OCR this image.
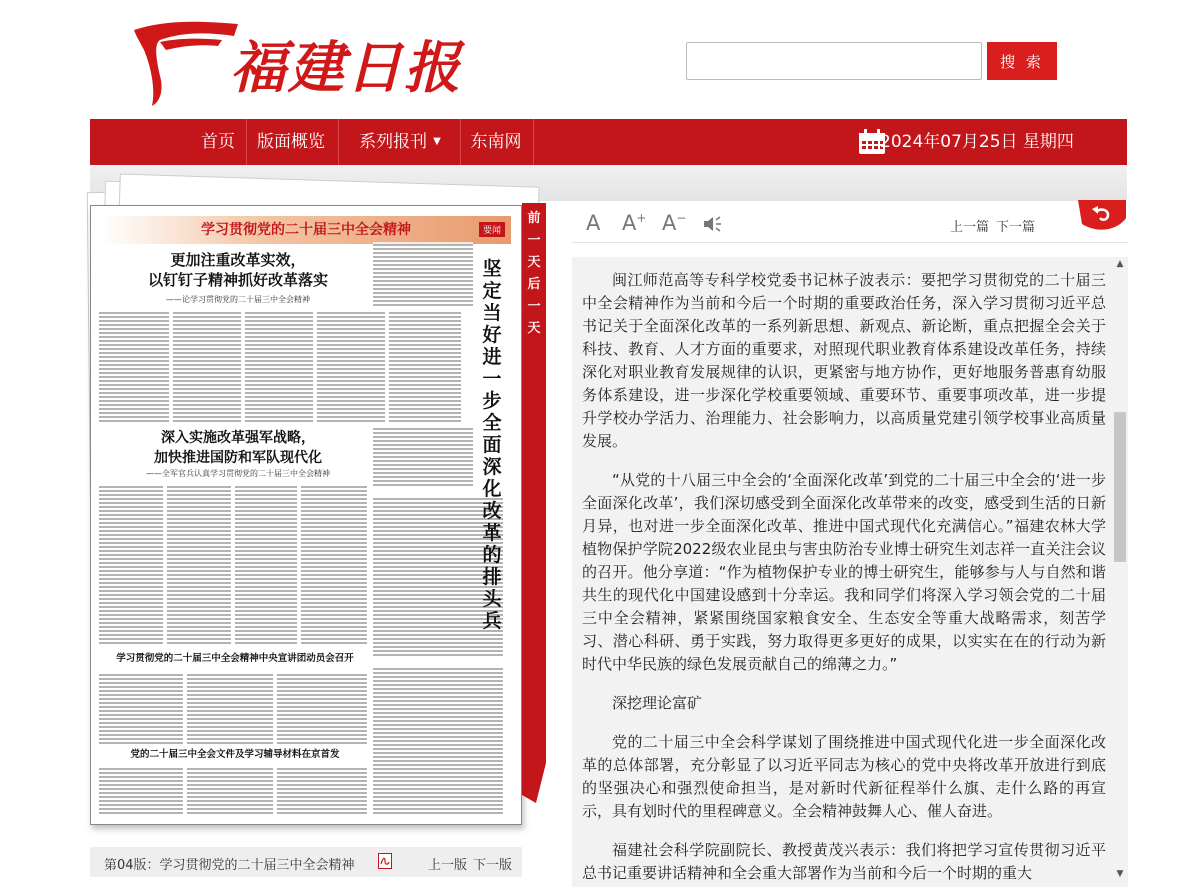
福建日报	搜 索
首页	版面概览	系列报刊 ▼	东南网	2024年07月25日 星期四
学习贯彻党的二十届三中全会精神	要闻
更加注重改革实效，
以钉钉子精神抓好改革落实
——论学习贯彻党的二十届三中全会精神
深入实施改革强军战略，
加快推进国防和军队现代化
——全军官兵认真学习贯彻党的二十届三中全会精神
学习贯彻党的二十届三中全会精神中央宣讲团动员会召开
党的二十届三中全会文件及学习辅导材料在京首发
坚定当好进一步全面深化改革的排头兵
前一天后一天
第04版：学习贯彻党的二十届三中全会精神	上一版 下一版
A A+ A−
上一篇 下一篇

闽江师范高等专科学校党委书记林子波表示：要把学习贯彻党的二十届三中全会精神作为当前和今后一个时期的重要政治任务，深入学习贯彻习近平总书记关于全面深化改革的一系列新思想、新观点、新论断，重点把握全会关于科技、教育、人才方面的重要求，对照现代职业教育体系建设改革任务，持续深化对职业教育发展规律的认识，更紧密与地方协作，更好地服务普惠育幼服务体系建设，进一步深化学校重要领域、重要环节、重要事项改革，进一步提升学校办学活力、治理能力、社会影响力，以高质量党建引领学校事业高质量发展。

“从党的十八届三中全会的‘全面深化改革’到党的二十届三中全会的‘进一步全面深化改革’，我们深切感受到全面深化改革带来的改变，感受到生活的日新月异，也对进一步全面深化改革、推进中国式现代化充满信心。”福建农林大学植物保护学院2022级农业昆虫与害虫防治专业博士研究生刘志祥一直关注会议的召开。他分享道：“作为植物保护专业的博士研究生，能够参与人与自然和谐共生的现代化中国建设感到十分幸运。我和同学们将深入学习领会党的二十届三中全会精神，紧紧围绕国家粮食安全、生态安全等重大战略需求，刻苦学习、潜心科研、勇于实践，努力取得更多更好的成果，以实实在在的行动为新时代中华民族的绿色发展贡献自己的绵薄之力。”

深挖理论富矿

党的二十届三中全会科学谋划了围绕推进中国式现代化进一步全面深化改革的总体部署，充分彰显了以习近平同志为核心的党中央将改革开放进行到底的坚强决心和强烈使命担当，是对新时代新征程举什么旗、走什么路的再宣示，具有划时代的里程碑意义。全会精神鼓舞人心、催人奋进。

福建社会科学院副院长、教授黄茂兴表示：我们将把学习宣传贯彻习近平总书记重要讲话精神和全会重大部署作为当前和今后一个时期的重大

▲
▼
